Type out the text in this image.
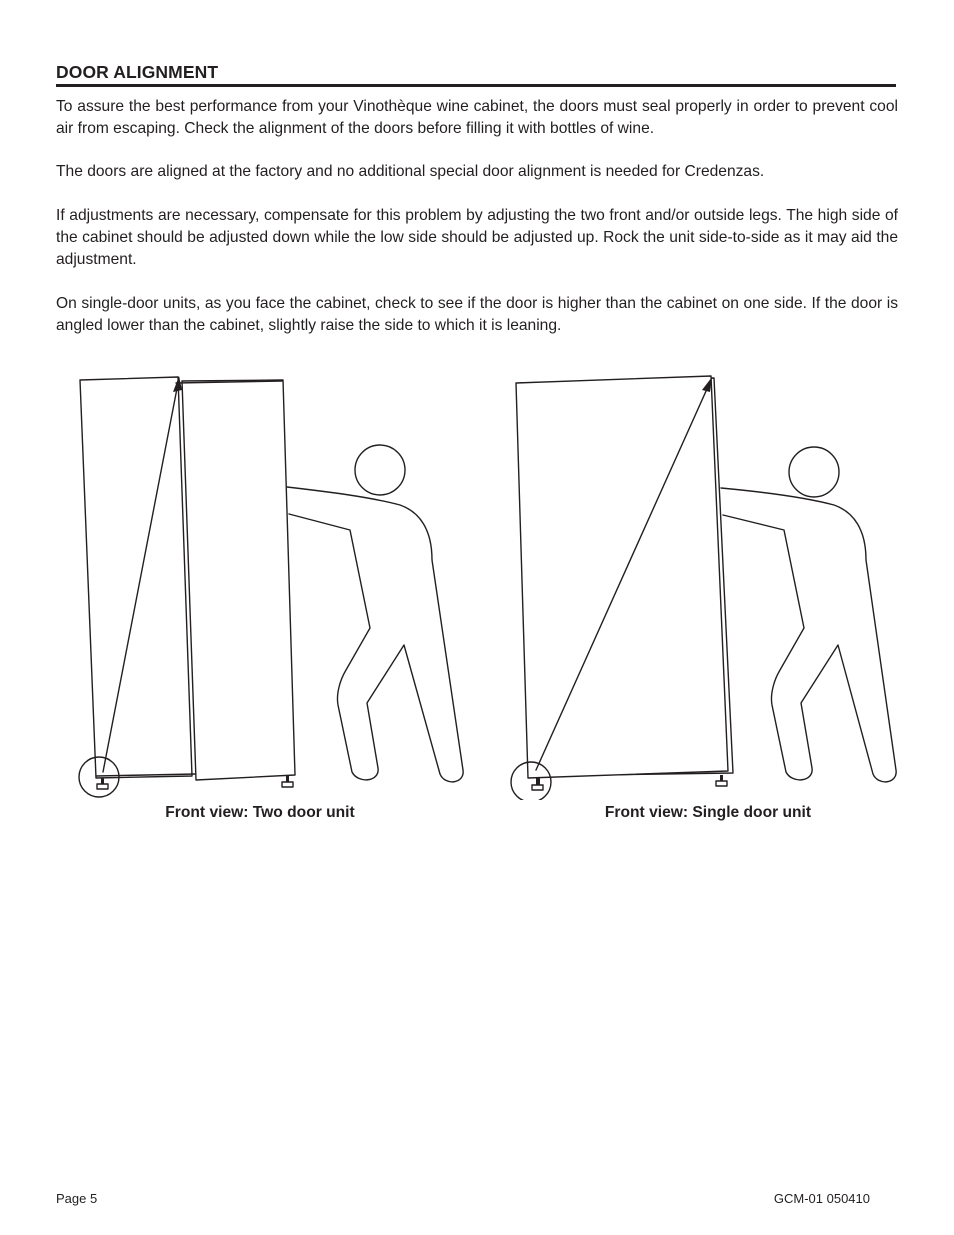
DOOR ALIGNMENT

To assure the best performance from your Vinothèque wine cabinet, the doors must seal properly in order to prevent cool air from escaping. Check the alignment of the doors before filling it with bottles of wine.

The doors are aligned at the factory and no additional special door alignment is needed for Credenzas.

If adjustments are necessary, compensate for this problem by adjusting the two front and/or outside legs. The high side of the cabinet should be adjusted down while the low side should be adjusted up. Rock the unit side-to-side as it may aid the adjustment.

On single-door units, as you face the cabinet, check to see if the door is higher than the cabinet on one side. If the door is angled lower than the cabinet, slightly raise the side to which it is leaning.

Front view: Two door unit	Front view: Single door unit
Page 5	GCM-01 050410
